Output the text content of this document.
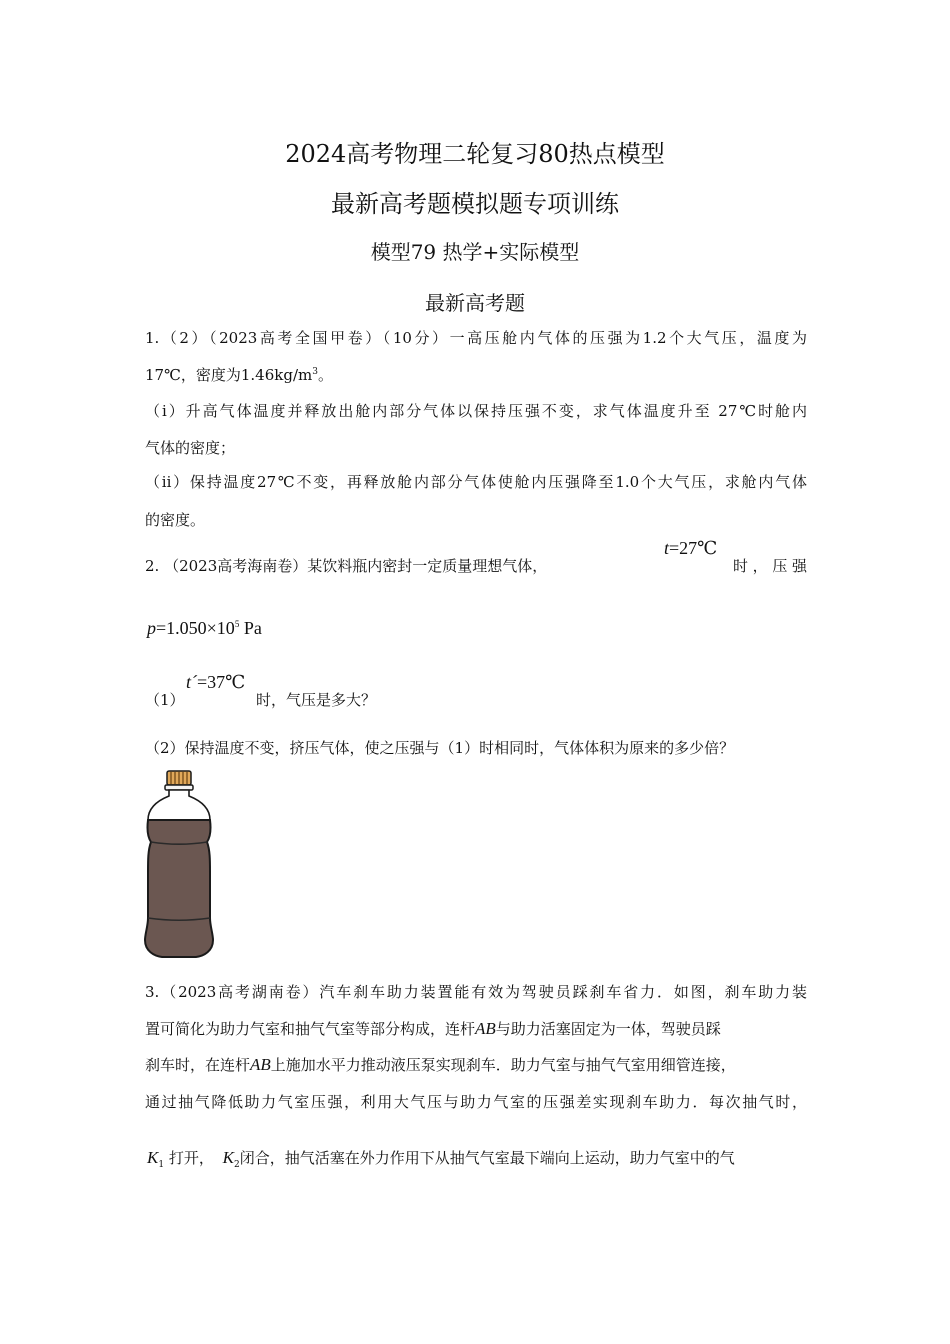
2024高考物理二轮复习80热点模型
最新高考题模拟题专项训练
模型79 热学+实际模型
最新高考题
1.（2）（2023高考全国甲卷）（10分）一高压舱内气体的压强为1.2个大气压，温度为
17℃，密度为$1.46kg/m^3$。
（i）升高气体温度并释放出舱内部分气体以保持压强不变，求气体温度升至 27℃时舱内
气体的密度；
（ii）保持温度27℃不变，再释放舱内部分气体使舱内压强降至1.0个大气压，求舱内气体
的密度。
2. （2023高考海南卷）某饮料瓶内密封一定质量理想气体，
t=27℃
时，压强
$p=1.050\times 10^5$ Pa
（1）
t´=37℃
时，气压是多大？
（2）保持温度不变，挤压气体，使之压强与（1）时相同时，气体体积为原来的多少倍？
3.（2023高考湖南卷）汽车刹车助力装置能有效为驾驶员踩刹车省力．如图，刹车助力装
置可简化为助力气室和抽气气室等部分构成，连杆AB与助力活塞固定为一体，驾驶员踩
刹车时，在连杆AB上施加水平力推动液压泵实现刹车．助力气室与抽气气室用细管连接，
通过抽气降低助力气室压强，利用大气压与助力气室的压强差实现刹车助力．每次抽气时，
$K_1$ 打开， $K_2$闭合，抽气活塞在外力作用下从抽气气室最下端向上运动，助力气室中的气
